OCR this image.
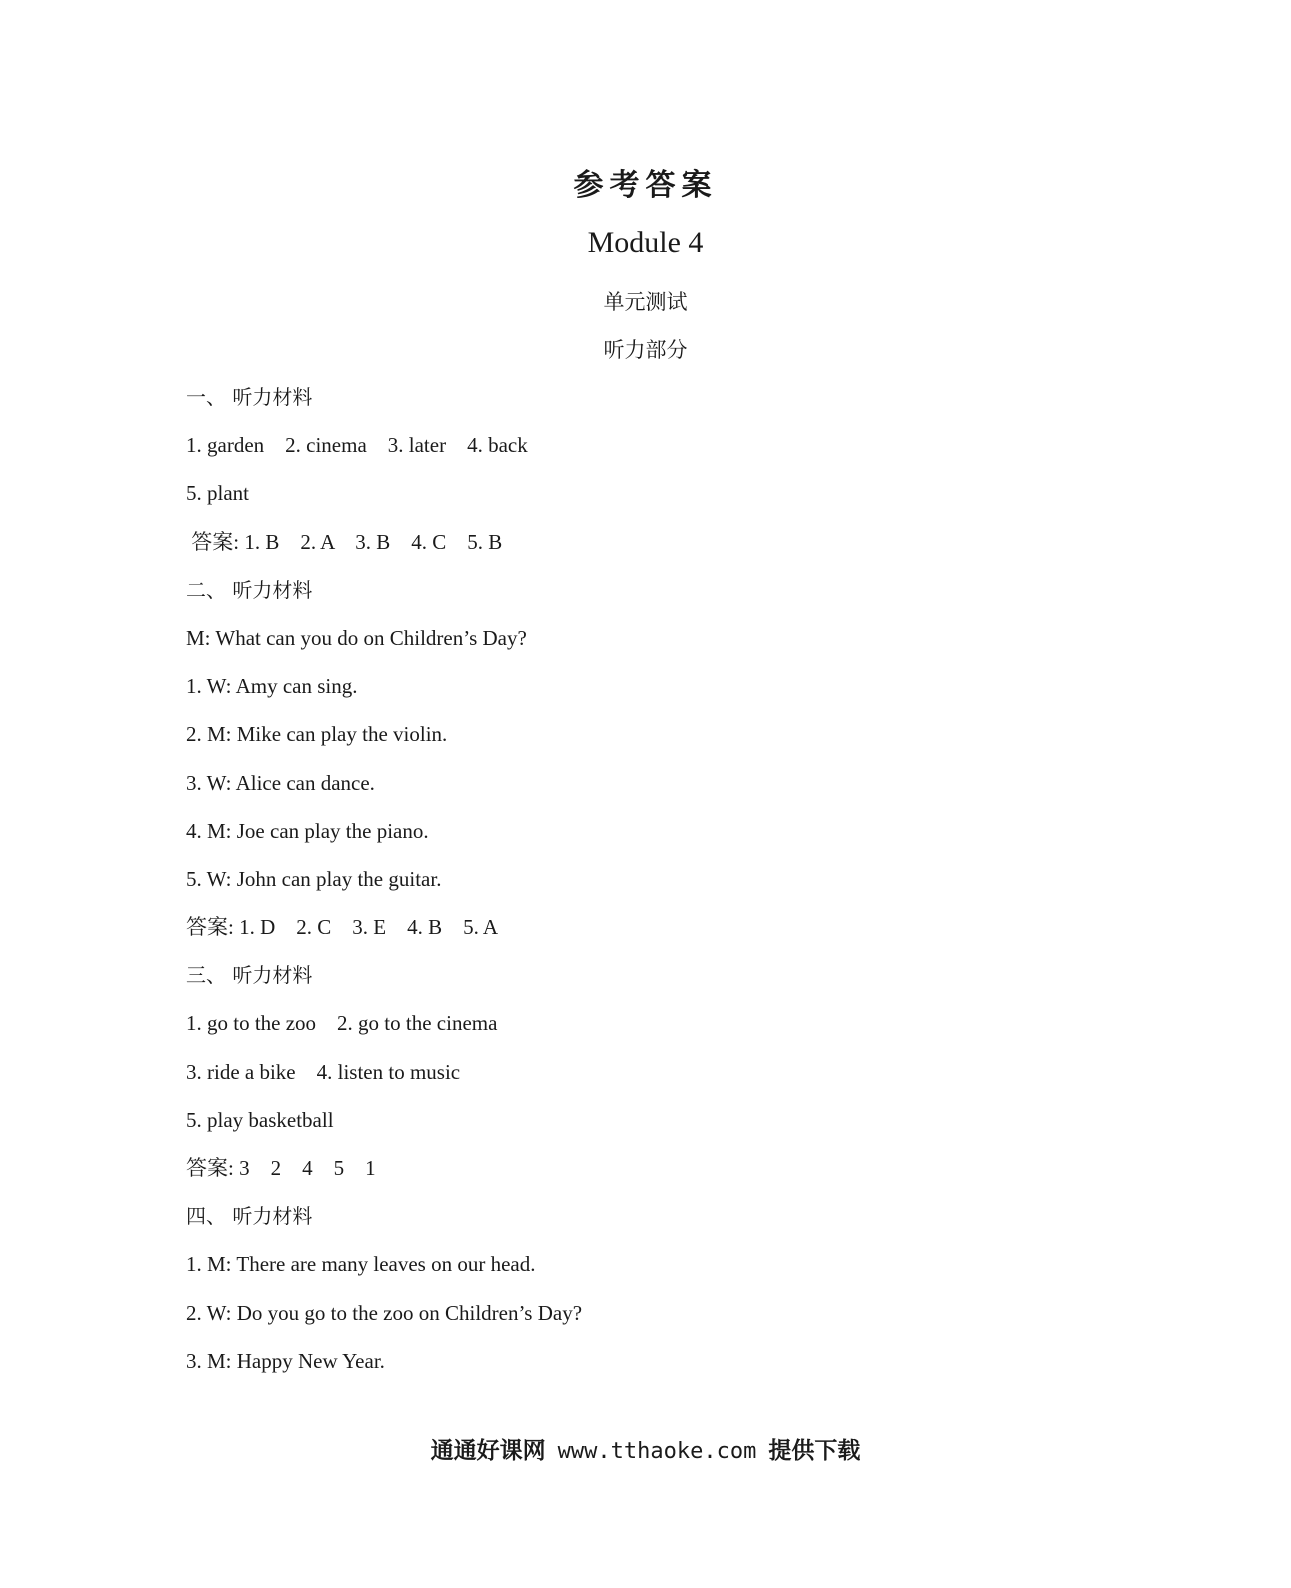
参考答案
Module 4
单元测试
听力部分
一、 听力材料
1. garden    2. cinema    3. later    4. back
5. plant
答案: 1. B    2. A    3. B    4. C    5. B
二、 听力材料
M: What can you do on Children’s Day?
1. W: Amy can sing.
2. M: Mike can play the violin.
3. W: Alice can dance.
4. M: Joe can play the piano.
5. W: John can play the guitar.
答案: 1. D    2. C    3. E    4. B    5. A
三、 听力材料
1. go to the zoo    2. go to the cinema
3. ride a bike    4. listen to music
5. play basketball
答案: 3    2    4    5    1
四、 听力材料
1. M: There are many leaves on our head.
2. W: Do you go to the zoo on Children’s Day?
3. M: Happy New Year.
通通好课网 www.tthaoke.com 提供下载
